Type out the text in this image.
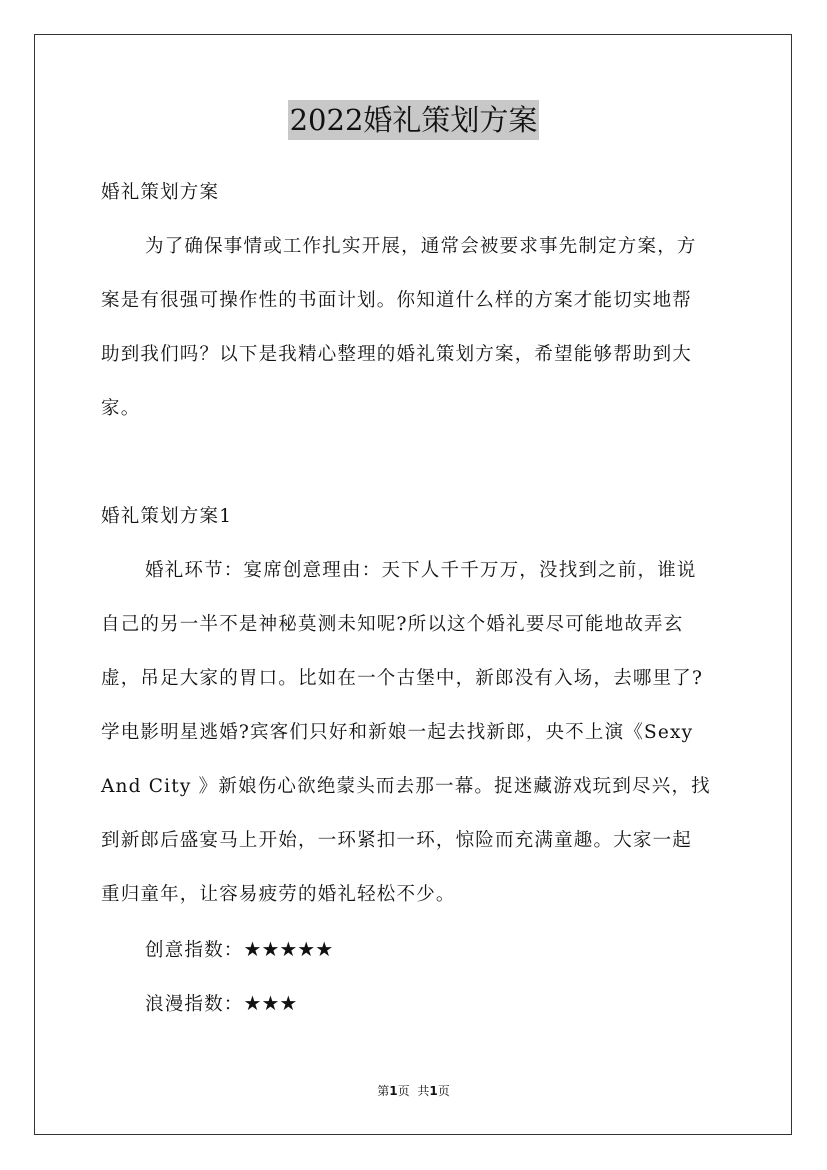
2022婚礼策划方案
婚礼策划方案
为了确保事情或工作扎实开展，通常会被要求事先制定方案，方
案是有很强可操作性的书面计划。你知道什么样的方案才能切实地帮
助到我们吗？以下是我精心整理的婚礼策划方案，希望能够帮助到大
家。
婚礼策划方案1
婚礼环节：宴席创意理由：天下人千千万万，没找到之前，谁说
自己的另一半不是神秘莫测未知呢?所以这个婚礼要尽可能地故弄玄
虚，吊足大家的胃口。比如在一个古堡中，新郎没有入场，去哪里了?
学电影明星逃婚?宾客们只好和新娘一起去找新郎，央不上演《Sexy
And City 》新娘伤心欲绝蒙头而去那一幕。捉迷藏游戏玩到尽兴，找
到新郎后盛宴马上开始，一环紧扣一环，惊险而充满童趣。大家一起
重归童年，让容易疲劳的婚礼轻松不少。
创意指数：★★★★★
浪漫指数：★★★
第1页 共1页
